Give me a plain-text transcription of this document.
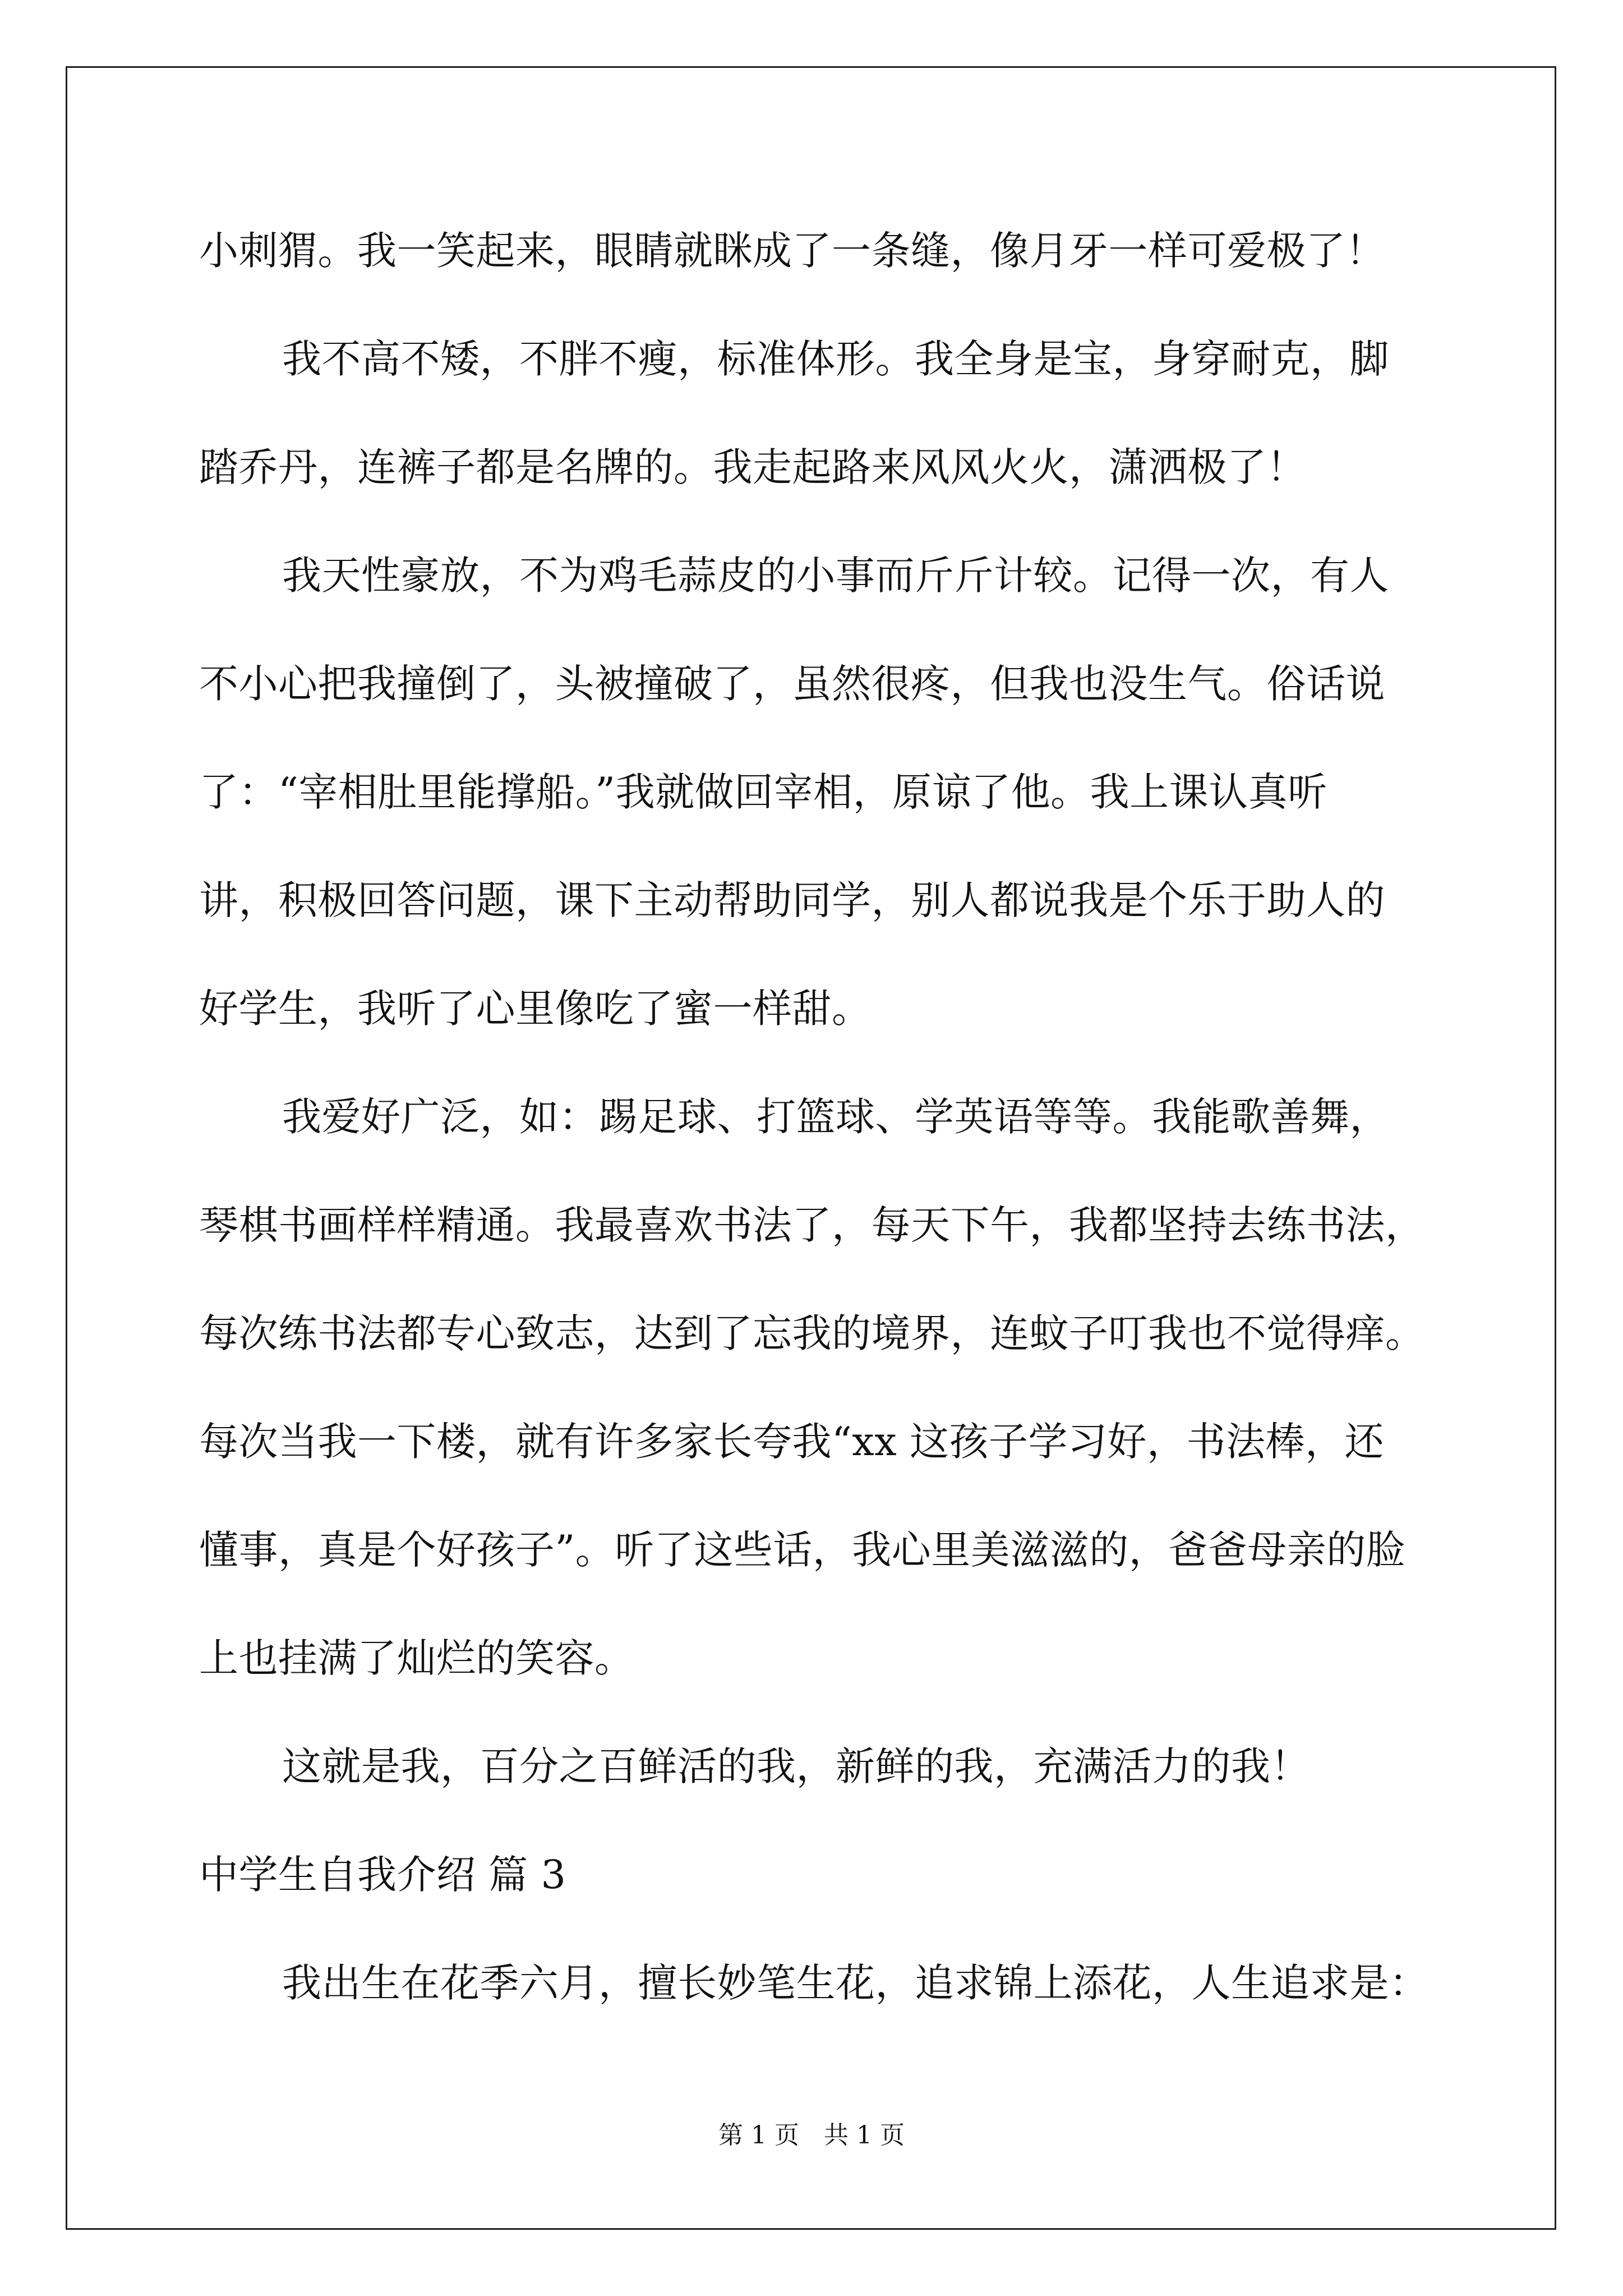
小刺猬。我一笑起来，眼睛就眯成了一条缝，像月牙一样可爱极了！
我不高不矮，不胖不瘦，标准体形。我全身是宝，身穿耐克，脚
踏乔丹，连裤子都是名牌的。我走起路来风风火火，潇洒极了！
我天性豪放，不为鸡毛蒜皮的小事而斤斤计较。记得一次，有人
不小心把我撞倒了，头被撞破了，虽然很疼，但我也没生气。俗话说
了：“宰相肚里能撑船。”我就做回宰相，原谅了他。我上课认真听
讲，积极回答问题，课下主动帮助同学，别人都说我是个乐于助人的
好学生，我听了心里像吃了蜜一样甜。
我爱好广泛，如：踢足球、打篮球、学英语等等。我能歌善舞，
琴棋书画样样精通。我最喜欢书法了，每天下午，我都坚持去练书法，
每次练书法都专心致志，达到了忘我的境界，连蚊子叮我也不觉得痒。
每次当我一下楼，就有许多家长夸我“xx 这孩子学习好，书法棒，还
懂事，真是个好孩子”。听了这些话，我心里美滋滋的，爸爸母亲的脸
上也挂满了灿烂的笑容。
这就是我，百分之百鲜活的我，新鲜的我，充满活力的我！
中学生自我介绍 篇 3
我出生在花季六月，擅长妙笔生花，追求锦上添花，人生追求是：
第 1 页　共 1 页
